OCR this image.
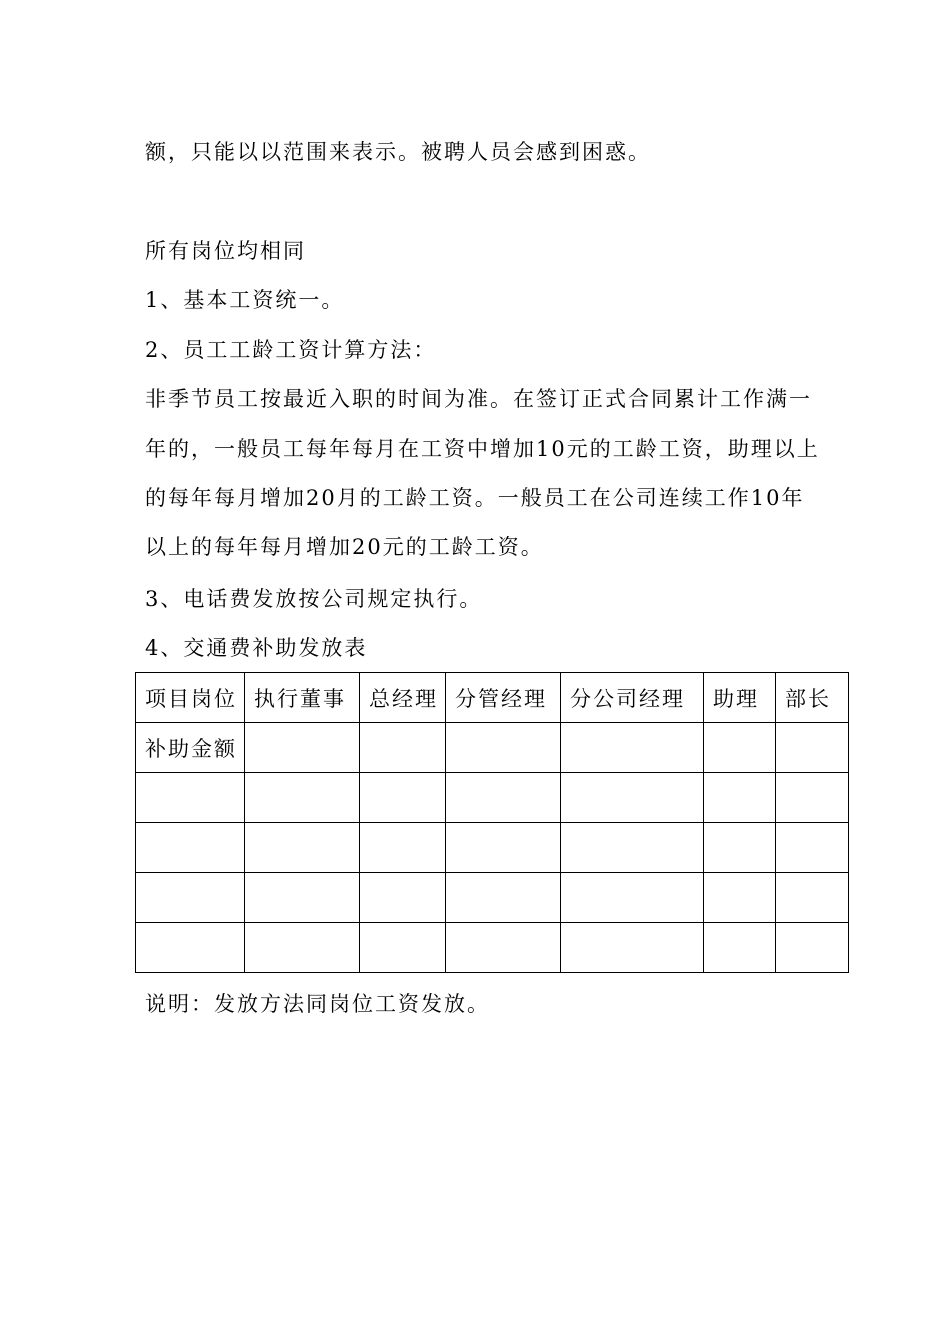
额，只能以以范围来表示。被聘人员会感到困惑。
所有岗位均相同
1、基本工资统一。
2、员工工龄工资计算方法：
非季节员工按最近入职的时间为准。在签订正式合同累计工作满一
年的，一般员工每年每月在工资中增加10元的工龄工资，助理以上
的每年每月增加20月的工龄工资。一般员工在公司连续工作10年
以上的每年每月增加20元的工龄工资。
3、电话费发放按公司规定执行。
4、交通费补助发放表
项目岗位	执行董事	总经理	分管经理	分公司经理	助理	部长
补助金额						

说明：发放方法同岗位工资发放。
